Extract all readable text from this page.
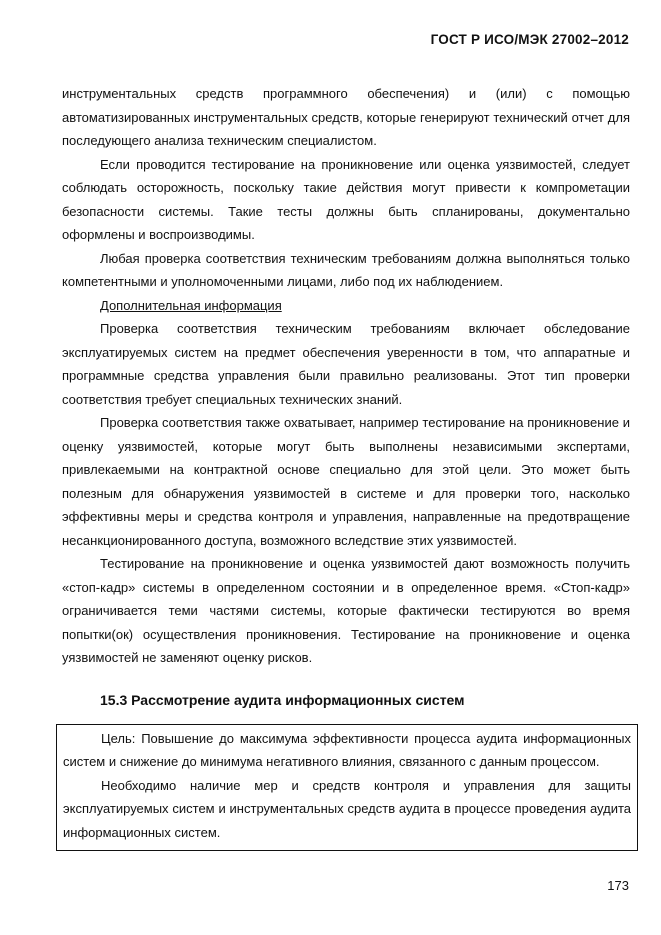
ГОСТ Р ИСО/МЭК 27002–2012

инструментальных средств программного обеспечения) и (или) с помощью автоматизированных инструментальных средств, которые генерируют технический отчет для последующего анализа техническим специалистом.

Если проводится тестирование на проникновение или оценка уязвимостей, следует соблюдать осторожность, поскольку такие действия могут привести к компрометации безопасности системы. Такие тесты должны быть спланированы, документально оформлены и воспроизводимы.

Любая проверка соответствия техническим требованиям должна выполняться только компетентными и уполномоченными лицами, либо под их наблюдением.

Дополнительная информация

Проверка соответствия техническим требованиям включает обследование эксплуатируемых систем на предмет обеспечения уверенности в том, что аппаратные и программные средства управления были правильно реализованы. Этот тип проверки соответствия требует специальных технических знаний.

Проверка соответствия также охватывает, например тестирование на проникновение и оценку уязвимостей, которые могут быть выполнены независимыми экспертами, привлекаемыми на контрактной основе специально для этой цели. Это может быть полезным для обнаружения уязвимостей в системе и для проверки того, насколько эффективны меры и средства контроля и управления, направленные на предотвращение несанкционированного доступа, возможного вследствие этих уязвимостей.

Тестирование на проникновение и оценка уязвимостей дают возможность получить «стоп-кадр» системы в определенном состоянии и в определенное время. «Стоп-кадр» ограничивается теми частями системы, которые фактически тестируются во время попытки(ок) осуществления проникновения. Тестирование на проникновение и оценка уязвимостей не заменяют оценку рисков.

15.3 Рассмотрение аудита информационных систем

Цель: Повышение до максимума эффективности процесса аудита информационных систем и снижение до минимума негативного влияния, связанного с данным процессом.

Необходимо наличие мер и средств контроля и управления для защиты эксплуатируемых систем и инструментальных средств аудита в процессе проведения аудита информационных систем.

173
